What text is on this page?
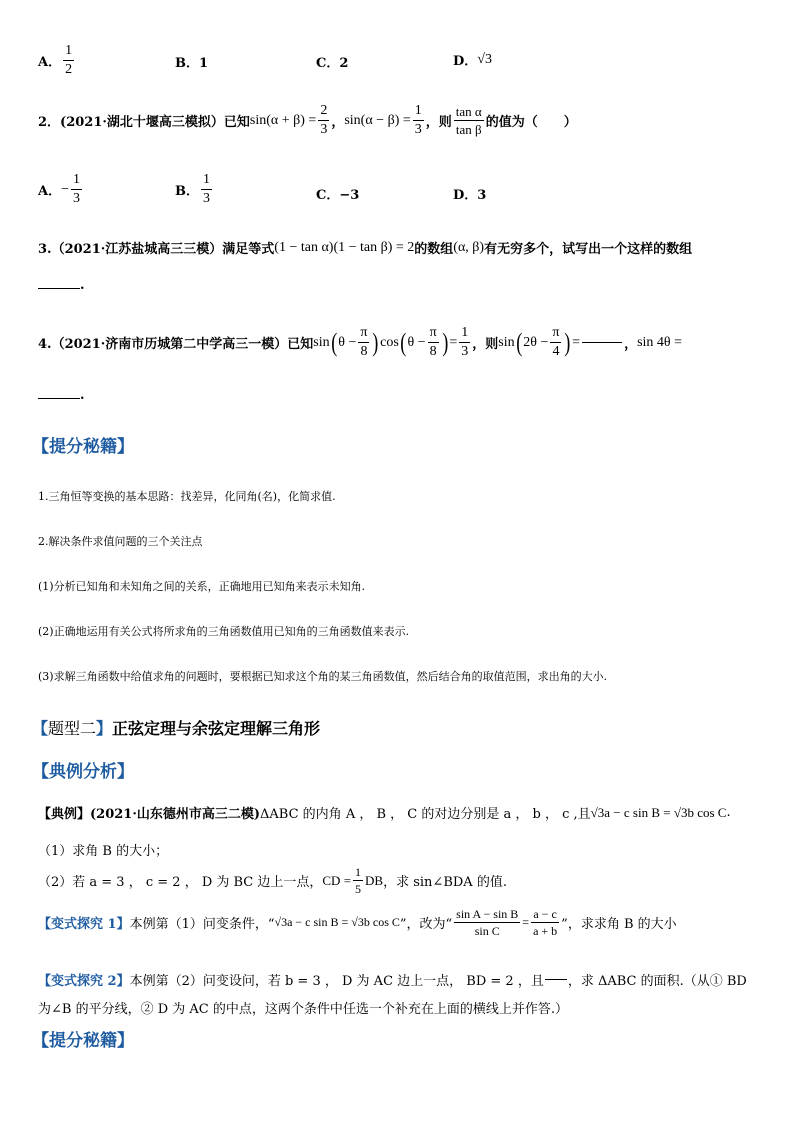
A． $\frac{1}{2}$	B．1	C．2	D． √3
2．(2021·湖北十堰高三模拟）已知 $\sin(\alpha + \beta) = \frac{2}{3}$ ， $\sin(\alpha - \beta) = \frac{1}{3}$ ，则 $\frac{\text{tan α}}{\text{tan β}}$ 的值为（　　）
A． − $\frac{1}{3}$	B． $\frac{1}{3}$	C．−3	D．3
3.（2021·江苏盐城高三三模）满足等式 (1 − tan α)(1 − tan β) = 2 的数组 (α, β) 有无穷多个，试写出一个这样的数组
.
4.（2021·济南市历城第二中学高三一模）已知 sin ( $\theta - \frac{\pi}{8}$ ) cos ( $\theta - \frac{\pi}{8}$ ) = $\frac{1}{3}$ ，则 sin ( $2\theta - \frac{\pi}{4}$ ) =	， sin 4θ =
.
【提分秘籍】
1.三角恒等变换的基本思路：找差异，化同角(名)，化简求值.
2.解决条件求值问题的三个关注点
(1)分析已知角和未知角之间的关系，正确地用已知角来表示未知角.
(2)正确地运用有关公式将所求角的三角函数值用已知角的三角函数值来表示.
(3)求解三角函数中给值求角的问题时，要根据已知求这个角的某三角函数值，然后结合角的取值范围，求出角的大小.
【题型二】正弦定理与余弦定理解三角形
【典例分析】
【典例】 (2021·山东德州市高三二模) ΔABC 的内角 A ， B ， C 的对边分别是 a ， b ， c ,且 √3a − c sin B = √3b cos C .
（1）求角 B 的大小；
（2）若 a = 3 ， c = 2 ， D 为 BC 边上一点， CD = $\frac{1}{5}$ DB ，求 sin∠BDA 的值.
【变式探究 1】 本例第（1）问变条件，“ √3a − c sin B = √3b cos C ”，改为“ $\frac{\text{sin A − sin B}}{\text{sin C}} = \frac{a - c}{a + b}$ ”，求求角 B 的大小
【变式探究 2】 本例第（2）问变设问，若 b = 3 ， D 为 AC 边上一点， BD = 2 ，且 ，求 ΔABC 的面积.（从① BD
为∠B 的平分线，② D 为 AC 的中点，这两个条件中任选一个补充在上面的横线上并作答.）
【提分秘籍】
